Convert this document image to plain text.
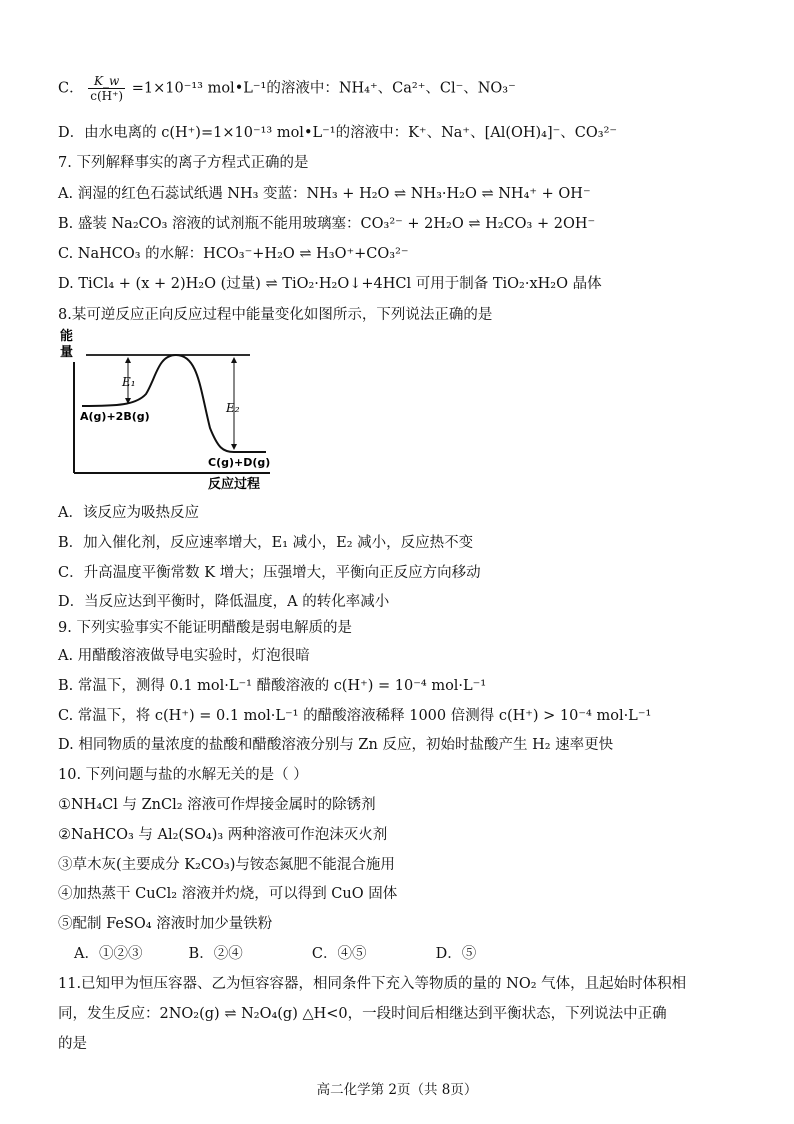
C． $\frac{K\_w}{c(H^+)} =1\times 10^{-13}$ mol•L⁻¹的溶液中：NH₄⁺、Ca²⁺、Cl⁻、NO₃⁻
D．由水电离的 c(H⁺)=1×10⁻¹³ mol•L⁻¹的溶液中：K⁺、Na⁺、[Al(OH)₄]⁻、CO₃²⁻
7. 下列解释事实的离子方程式正确的是
A. 润湿的红色石蕊试纸遇 NH₃ 变蓝：NH₃ + H₂O ⇌ NH₃·H₂O ⇌ NH₄⁺ + OH⁻
B. 盛装 Na₂CO₃ 溶液的试剂瓶不能用玻璃塞：CO₃²⁻ + 2H₂O ⇌ H₂CO₃ + 2OH⁻
C. NaHCO₃ 的水解：HCO₃⁻+H₂O ⇌ H₃O⁺+CO₃²⁻
D. TiCl₄ + (x + 2)H₂O (过量) ⇌ TiO₂·H₂O↓+4HCl 可用于制备 TiO₂·xH₂O 晶体
8.某可逆反应正向反应过程中能量变化如图所示，下列说法正确的是
能
量
E₁
E₂
A(g)+2B(g)
C(g)+D(g)
反应过程
A．该反应为吸热反应
B．加入催化剂，反应速率增大，E₁ 减小，E₂ 减小，反应热不变
C．升高温度平衡常数 K 增大；压强增大，平衡向正反应方向移动
D．当反应达到平衡时，降低温度，A 的转化率减小
9. 下列实验事实不能证明醋酸是弱电解质的是
A. 用醋酸溶液做导电实验时，灯泡很暗
B. 常温下，测得 0.1 mol·L⁻¹ 醋酸溶液的 c(H⁺) = 10⁻⁴ mol·L⁻¹
C. 常温下，将 c(H⁺) = 0.1 mol·L⁻¹ 的醋酸溶液稀释 1000 倍测得 c(H⁺) > 10⁻⁴ mol·L⁻¹
D. 相同物质的量浓度的盐酸和醋酸溶液分别与 Zn 反应，初始时盐酸产生 H₂ 速率更快
10. 下列问题与盐的水解无关的是（ ）
①NH₄Cl 与 ZnCl₂ 溶液可作焊接金属时的除锈剂
②NaHCO₃ 与 Al₂(SO₄)₃ 两种溶液可作泡沫灭火剂
③草木灰(主要成分 K₂CO₃)与铵态氮肥不能混合施用
④加热蒸干 CuCl₂ 溶液并灼烧，可以得到 CuO 固体
⑤配制 FeSO₄ 溶液时加少量铁粉
A．①②③          B．②④               C．④⑤               D．⑤
11.已知甲为恒压容器、乙为恒容容器，相同条件下充入等物质的量的 NO₂ 气体，且起始时体积相
同，发生反应：2NO₂(g) ⇌ N₂O₄(g) △H<0，一段时间后相继达到平衡状态，下列说法中正确
的是
高二化学第 2页（共 8页）
